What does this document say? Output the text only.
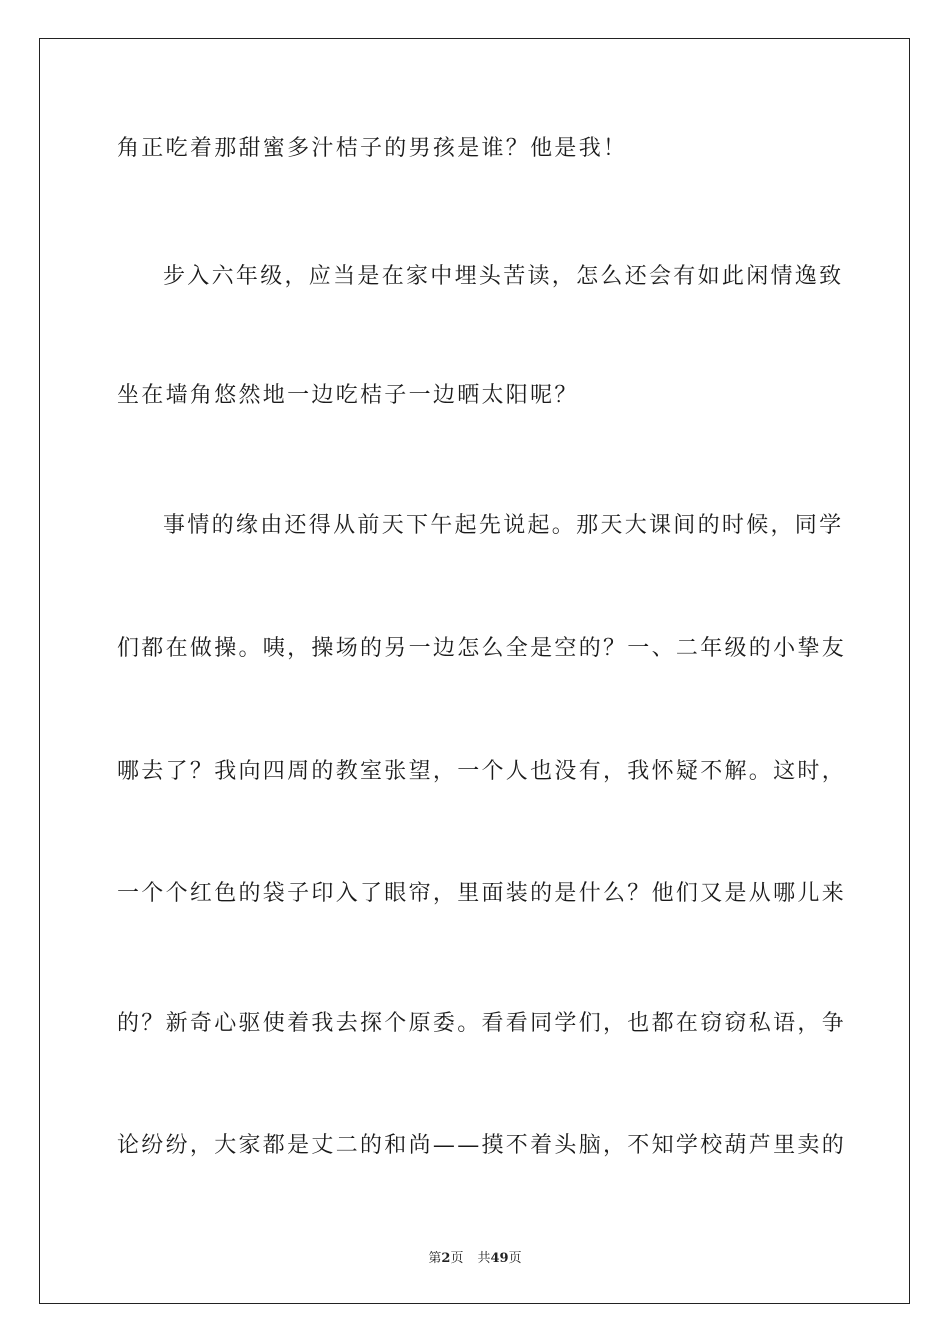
角正吃着那甜蜜多汁桔子的男孩是谁？他是我！

步入六年级，应当是在家中埋头苦读，怎么还会有如此闲情逸致

坐在墙角悠然地一边吃桔子一边晒太阳呢？

事情的缘由还得从前天下午起先说起。那天大课间的时候，同学

们都在做操。咦，操场的另一边怎么全是空的？一、二年级的小挚友

哪去了？我向四周的教室张望，一个人也没有，我怀疑不解。这时，

一个个红色的袋子印入了眼帘，里面装的是什么？他们又是从哪儿来

的？新奇心驱使着我去探个原委。看看同学们，也都在窃窃私语，争

论纷纷，大家都是丈二的和尚——摸不着头脑，不知学校葫芦里卖的

第2页 共49页
